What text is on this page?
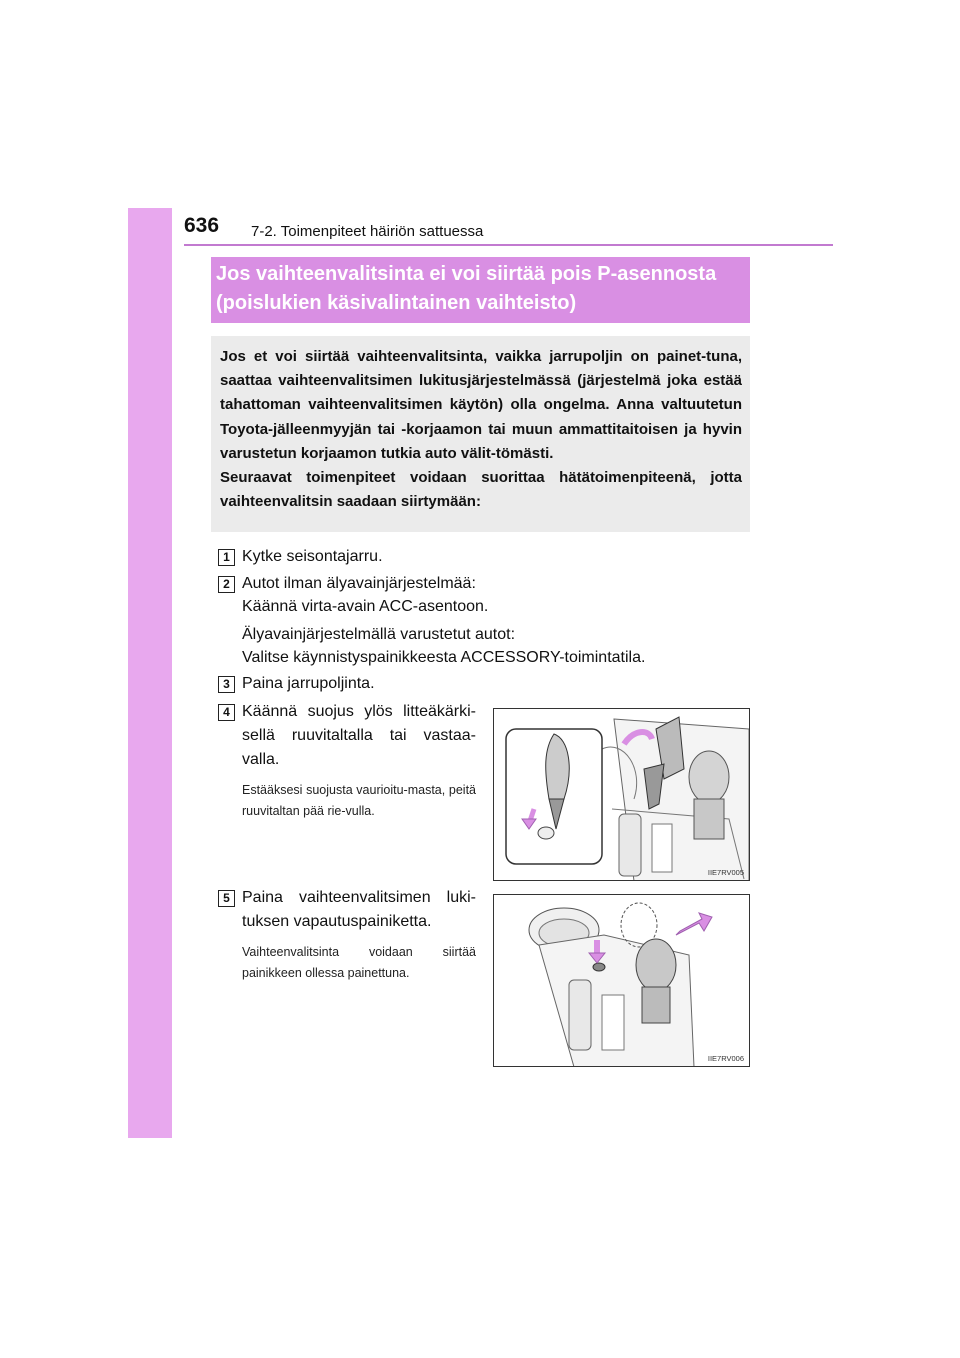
636 7-2. Toimenpiteet häiriön sattuessa
Jos vaihteenvalitsinta ei voi siirtää pois P-asennosta
(poislukien käsivalintainen vaihteisto)

Jos et voi siirtää vaihteenvalitsinta, vaikka jarrupoljin on painet-tuna, saattaa vaihteenvalitsimen lukitusjärjestelmässä (järjestelmä joka estää tahattoman vaihteenvalitsimen käytön) olla ongelma. Anna valtuutetun Toyota-jälleenmyyjän tai -korjaamon tai muun ammattitaitoisen ja hyvin varustetun korjaamon tutkia auto välit-tömästi.

Seuraavat toimenpiteet voidaan suorittaa hätätoimenpiteenä, jotta vaihteenvalitsin saadaan siirtymään:

1 Kytke seisontajarru.
2 Autot ilman älyavainjärjestelmää:
Käännä virta-avain ACC-asentoon.
Älyavainjärjestelmällä varustetut autot:
Valitse käynnistyspainikkeesta ACCESSORY-toimintatila.
3 Paina jarrupoljinta.
4 Käännä suojus ylös litteäkärki-
sellä ruuvitaltalla tai vastaa-
valla.
Estääksesi suojusta vaurioitu-masta, peitä ruuvitaltan pää rie-vulla.
5 Paina vaihteenvalitsimen luki-
tuksen vapautuspainiketta.
Vaihteenvalitsinta voidaan siirtää painikkeen ollessa painettuna.
IIE7RV005
IIE7RV006
